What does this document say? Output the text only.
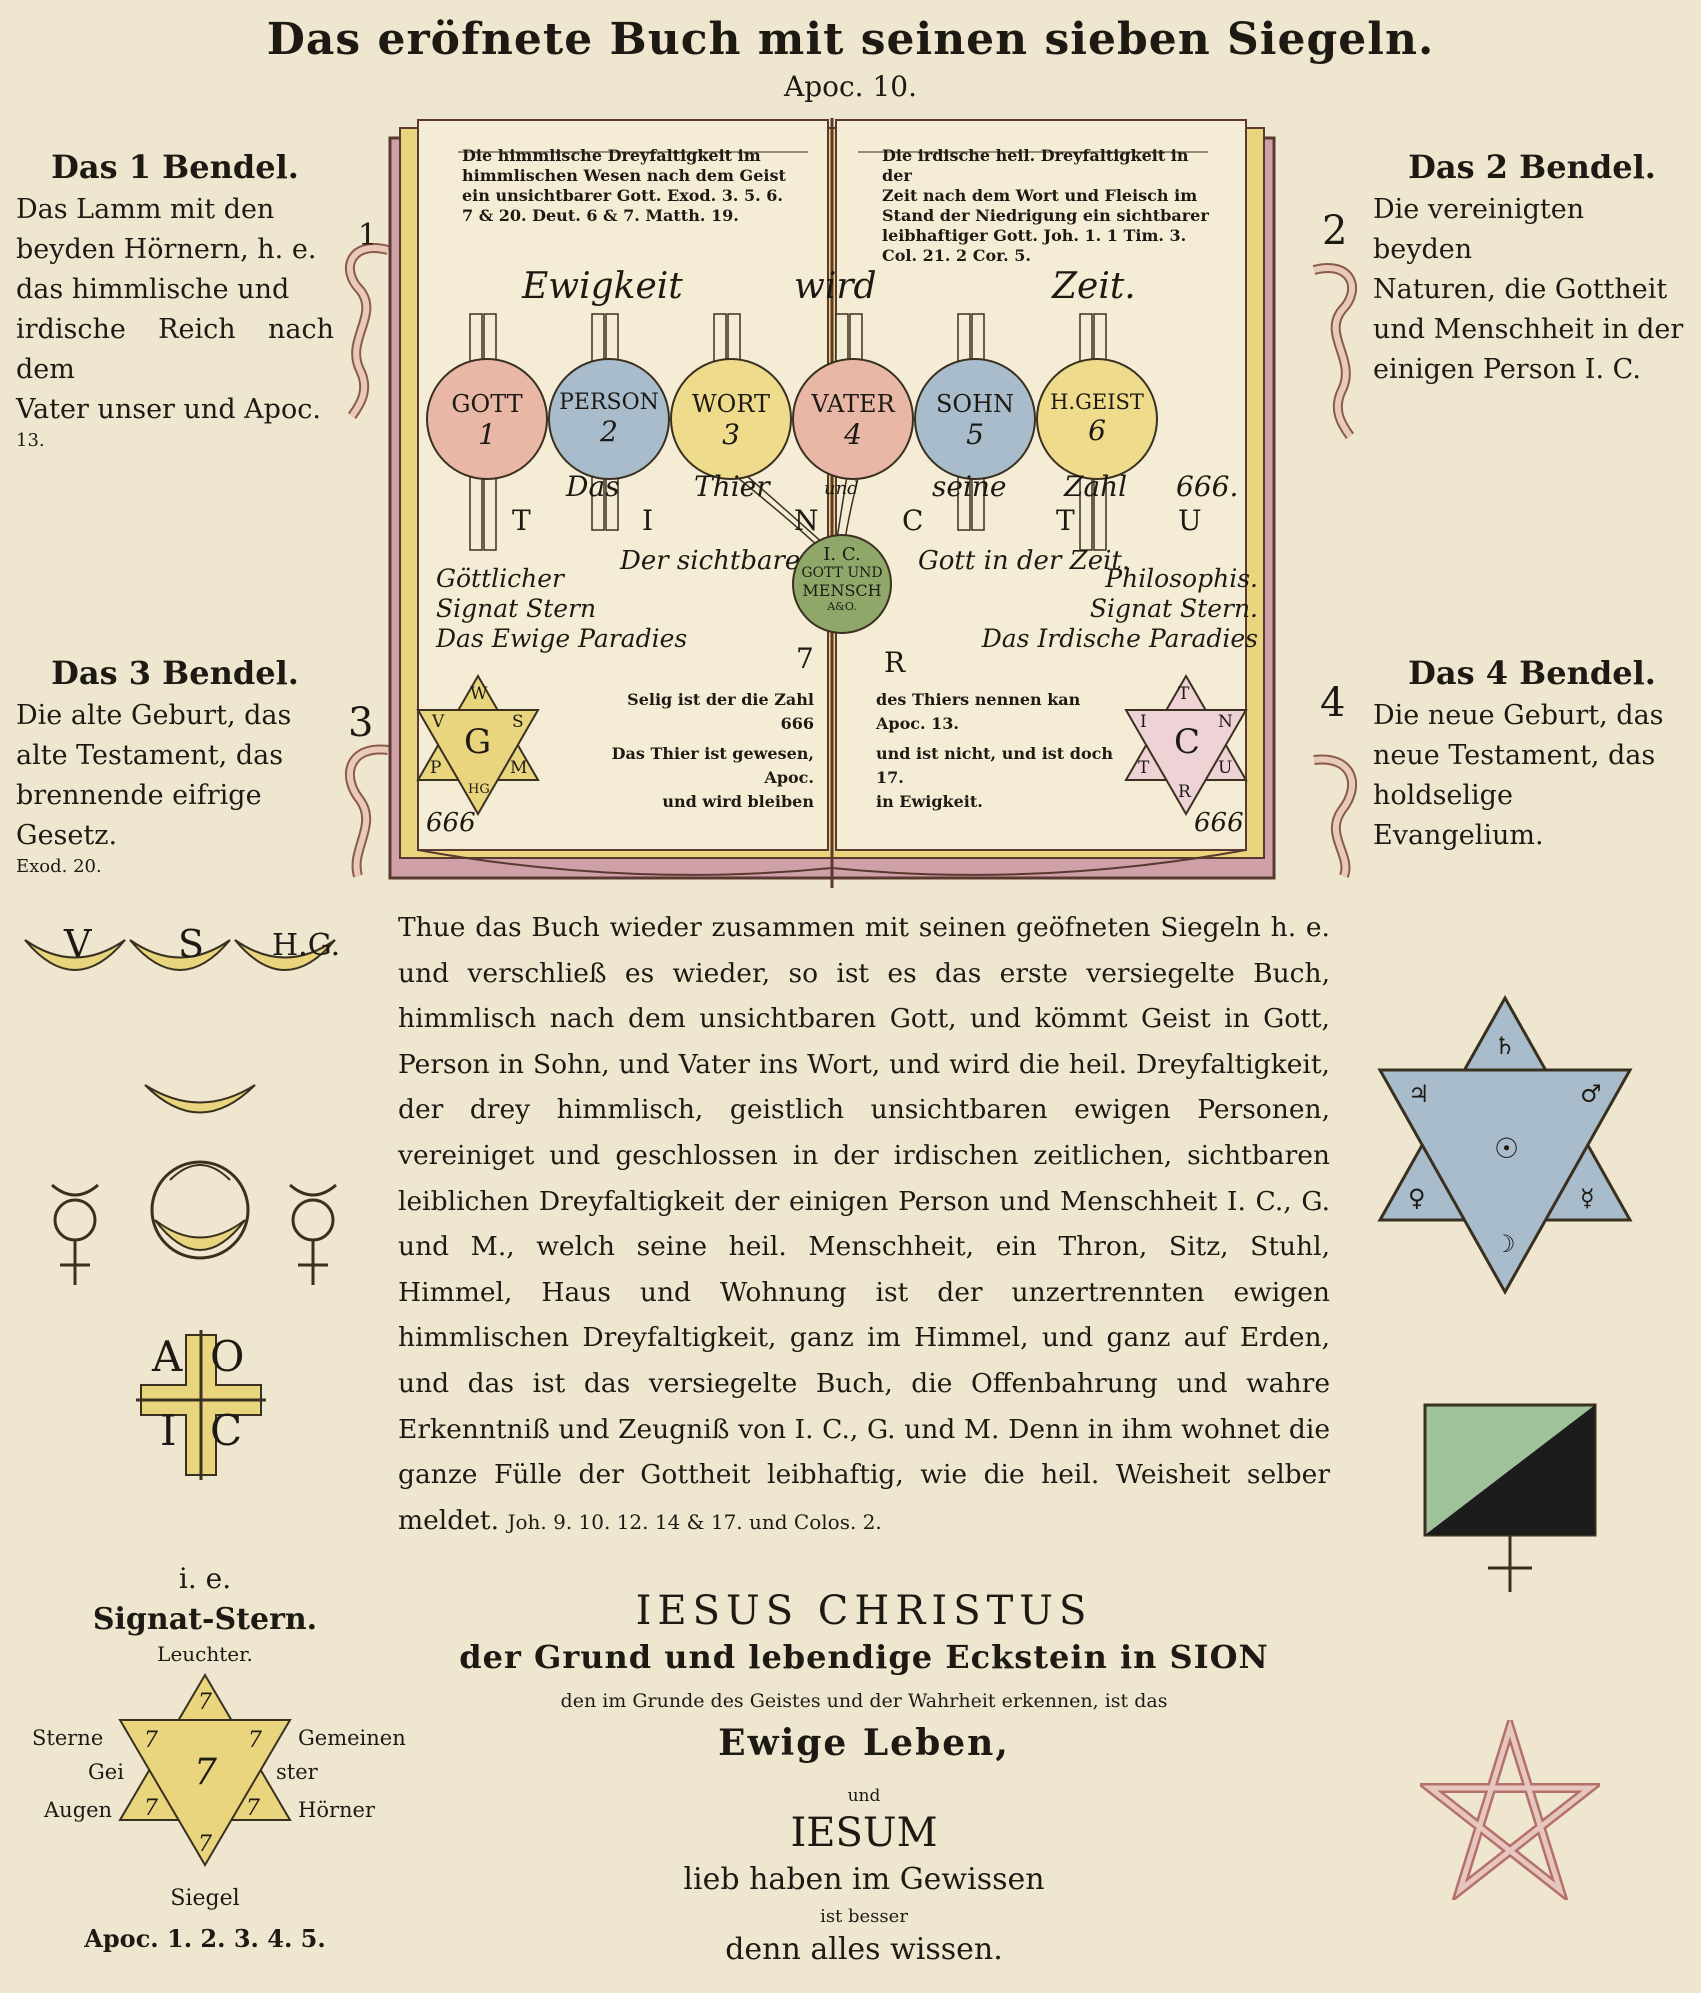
Das eröfnete Buch mit seinen sieben Siegeln.
Apoc. 10.
Das 1 Bendel.
Das Lamm mit den
beyden Hörnern, h. e.
das himmlische und
irdische Reich nach dem
Vater unser und Apoc.
13.
Das 2 Bendel.
Die vereinigten beyden
Naturen, die Gottheit
und Menschheit in der
einigen Person I. C.
Das 3 Bendel.
Die alte Geburt, das
alte Testament, das
brennende eifrige Gesetz.
Exod. 20.
Das 4 Bendel.
Die neue Geburt, das
neue Testament, das
holdselige Evangelium.
1	2
3	4
Die himmlische Dreyfaltigkeit im
himmlischen Wesen nach dem Geist
ein unsichtbarer Gott. Exod. 3. 5. 6.
7 & 20. Deut. 6 & 7. Matth. 19.
Die irdische heil. Dreyfaltigkeit in der
Zeit nach dem Wort und Fleisch im
Stand der Niedrigung ein sichtbarer
leibhaftiger Gott. Joh. 1. 1 Tim. 3.
Col. 21. 2 Cor. 5.
Ewigkeit	wird	Zeit.
GOTT
1
PERSON
2
WORT
3
VATER
4
SOHN
5
H.GEIST
6
Das	Thier	und	seine Zahl 666.
T	I	N	C	T	U
7	R
I. C.
GOTT UND
MENSCH
A&O.
Der sichtbare	Gott in der Zeit.
Göttlicher
Signat Stern
Das Ewige Paradies
Philosophis.
Signat Stern.
Das Irdische Paradies
G
W
S
M
HG
P
V
666
C
T
N
U
R
T
I
666
Selig ist der die Zahl
666
Das Thier ist gewesen,
Apoc.
und wird bleiben
des Thiers nennen kan
Apoc. 13.
und ist nicht, und ist doch
17.
in Ewigkeit.
V S H.G.
A O
I C
i. e.
Signat-Stern.
Leuchter.
7
7
7
7
7
7
7
Sterne
Gei
Augen
Gemeinen
ster
Hörner
Siegel
Apoc. 1. 2. 3. 4. 5.
♄
♃	♂
☉
♀	☿
☽
Thue das Buch wieder zusammen mit seinen geöfneten Siegeln h. e. und verschließ es wieder, so ist es das erste versiegelte Buch, himmlisch nach dem unsichtbaren Gott, und kömmt Geist in Gott, Person in Sohn, und Vater ins Wort, und wird die heil. Dreyfaltigkeit, der drey himmlisch, geistlich unsichtbaren ewigen Personen, vereiniget und geschlossen in der irdischen zeitlichen, sichtbaren leiblichen Dreyfaltigkeit der einigen Person und Menschheit I. C., G. und M., welch seine heil. Menschheit, ein Thron, Sitz, Stuhl, Himmel, Haus und Wohnung ist der unzertrennten ewigen himmlischen Dreyfaltigkeit, ganz im Himmel, und ganz auf Erden, und das ist das versiegelte Buch, die Offenbahrung und wahre Erkenntniß und Zeugniß von I. C., G. und M. Denn in ihm wohnet die ganze Fülle der Gottheit leibhaftig, wie die heil. Weisheit selber meldet. Joh. 9. 10. 12. 14 & 17. und Colos. 2.
IESUS CHRISTUS
der Grund und lebendige Eckstein in SION
den im Grunde des Geistes und der Wahrheit erkennen, ist das
Ewige Leben,
und
IESUM
lieb haben im Gewissen
ist besser
denn alles wissen.
